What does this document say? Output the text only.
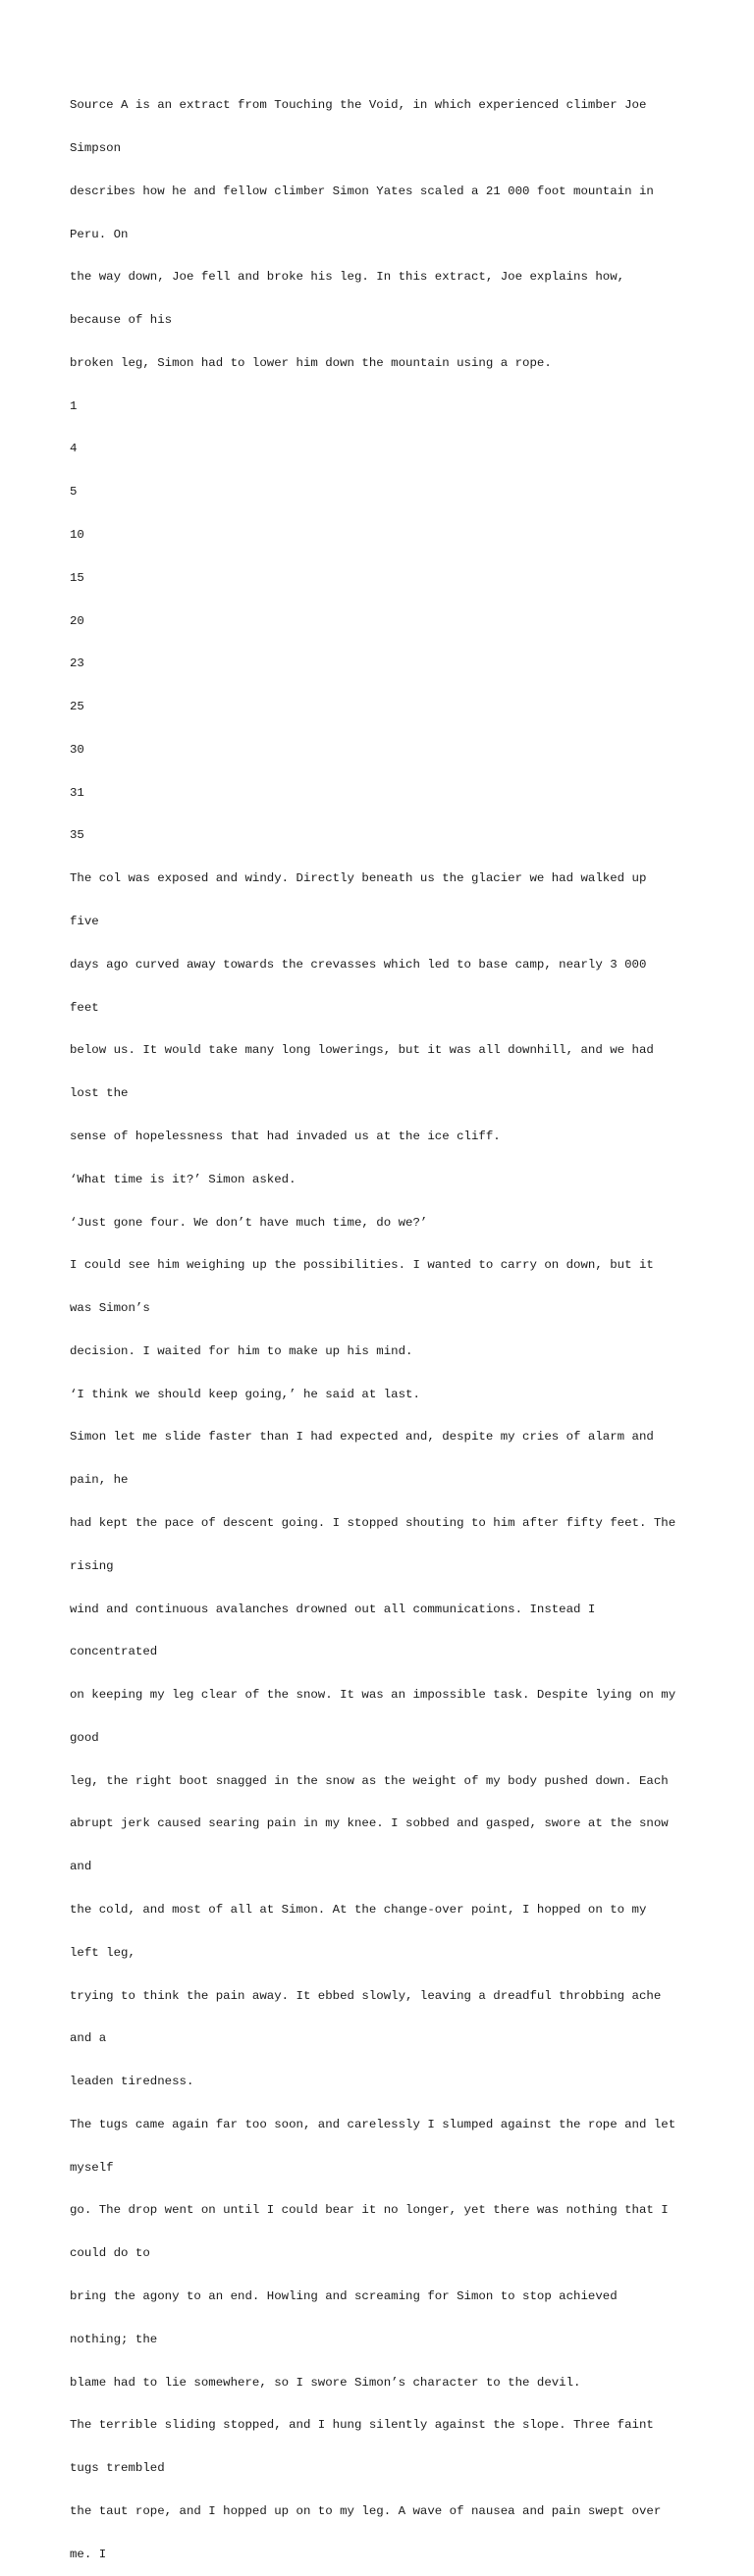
Source A is an extract from Touching the Void, in which experienced climber Joe

Simpson

describes how he and fellow climber Simon Yates scaled a 21 000 foot mountain in

Peru. On

the way down, Joe fell and broke his leg. In this extract, Joe explains how,

because of his

broken leg, Simon had to lower him down the mountain using a rope.

1

4

5

10

15

20

23

25

30

31

35

The col was exposed and windy. Directly beneath us the glacier we had walked up

five

days ago curved away towards the crevasses which led to base camp, nearly 3 000

feet

below us. It would take many long lowerings, but it was all downhill, and we had

lost the

sense of hopelessness that had invaded us at the ice cliff.

‘What time is it?’ Simon asked.

‘Just gone four. We don’t have much time, do we?’

I could see him weighing up the possibilities. I wanted to carry on down, but it

was Simon’s

decision. I waited for him to make up his mind.

‘I think we should keep going,’ he said at last.

Simon let me slide faster than I had expected and, despite my cries of alarm and

pain, he

had kept the pace of descent going. I stopped shouting to him after fifty feet. The

rising

wind and continuous avalanches drowned out all communications. Instead I

concentrated

on keeping my leg clear of the snow. It was an impossible task. Despite lying on my

good

leg, the right boot snagged in the snow as the weight of my body pushed down. Each

abrupt jerk caused searing pain in my knee. I sobbed and gasped, swore at the snow

and

the cold, and most of all at Simon. At the change-over point, I hopped on to my

left leg,

trying to think the pain away. It ebbed slowly, leaving a dreadful throbbing ache

and a

leaden tiredness.

The tugs came again far too soon, and carelessly I slumped against the rope and let

myself

go. The drop went on until I could bear it no longer, yet there was nothing that I

could do to

bring the agony to an end. Howling and screaming for Simon to stop achieved

nothing; the

blame had to lie somewhere, so I swore Simon’s character to the devil.

The terrible sliding stopped, and I hung silently against the slope. Three faint

tugs trembled

the taut rope, and I hopped up on to my leg. A wave of nausea and pain swept over

me. I
